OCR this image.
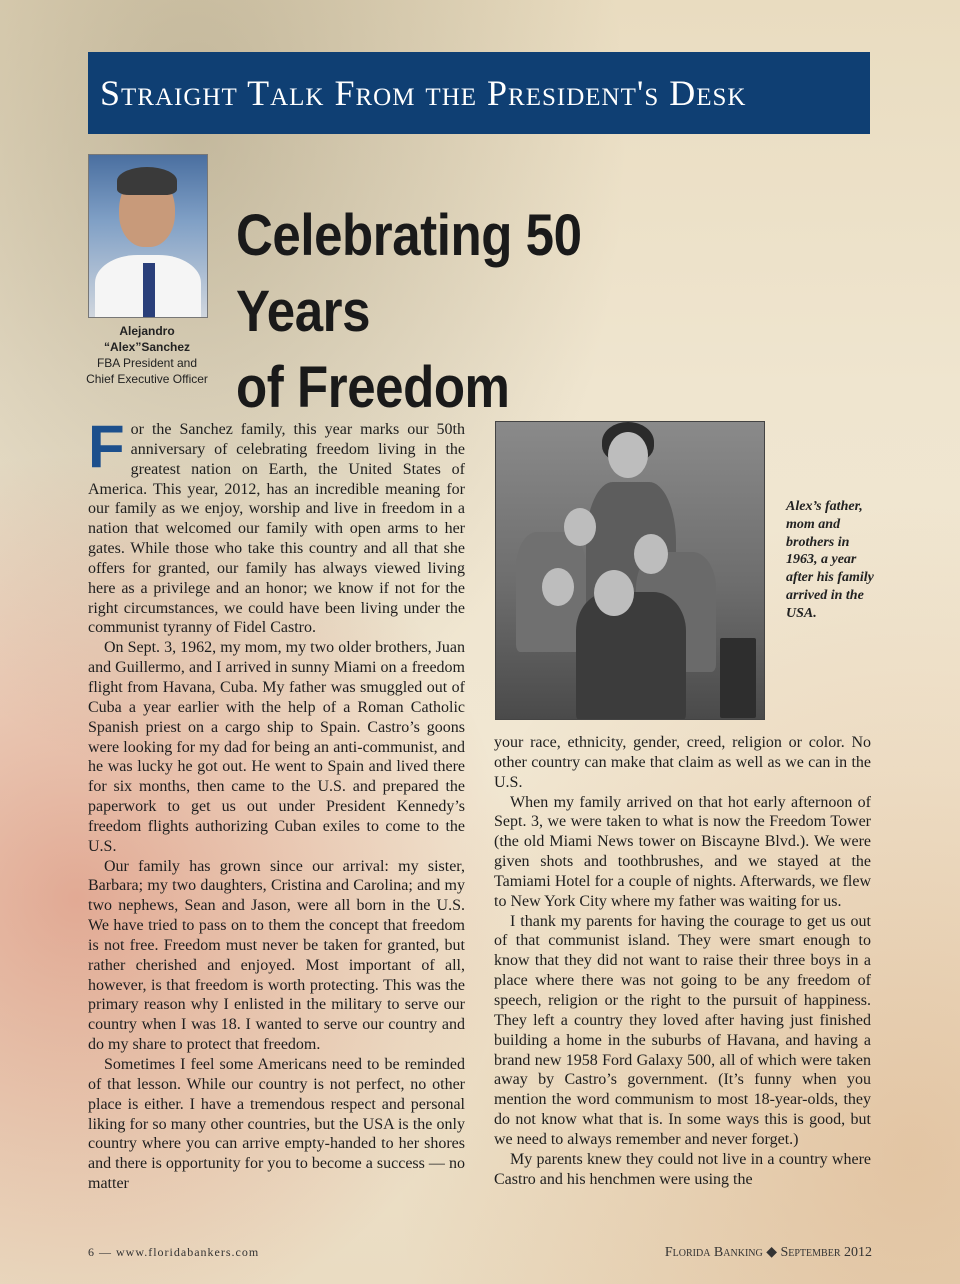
Straight Talk From the President's Desk
Alejandro
“Alex”Sanchez
FBA President and
Chief Executive Officer
Celebrating 50 Years
of Freedom

For the Sanchez family, this year marks our 50th anniversary of celebrating freedom living in the greatest nation on Earth, the United States of America. This year, 2012, has an incredible meaning for our family as we enjoy, worship and live in freedom in a nation that welcomed our family with open arms to her gates. While those who take this country and all that she offers for granted, our family has always viewed living here as a privilege and an honor; we know if not for the right circumstances, we could have been living under the communist tyranny of Fidel Castro.

On Sept. 3, 1962, my mom, my two older brothers, Juan and Guillermo, and I arrived in sunny Miami on a freedom flight from Havana, Cuba. My father was smuggled out of Cuba a year earlier with the help of a Roman Catholic Spanish priest on a cargo ship to Spain. Castro’s goons were looking for my dad for being an anti-communist, and he was lucky he got out. He went to Spain and lived there for six months, then came to the U.S. and prepared the paperwork to get us out under President Kennedy’s freedom flights authorizing Cuban exiles to come to the U.S.

Our family has grown since our arrival: my sister, Barbara; my two daughters, Cristina and Carolina; and my two nephews, Sean and Jason, were all born in the U.S. We have tried to pass on to them the concept that freedom is not free. Freedom must never be taken for granted, but rather cherished and enjoyed. Most important of all, however, is that freedom is worth protecting. This was the primary reason why I enlisted in the military to serve our country when I was 18. I wanted to serve our country and do my share to protect that freedom.

Sometimes I feel some Americans need to be reminded of that lesson. While our country is not perfect, no other place is either. I have a tremendous respect and personal liking for so many other countries, but the USA is the only country where you can arrive empty-handed to her shores and there is opportunity for you to become a success — no matter

Alex’s father, mom and brothers in 1963, a year after his family arrived in the USA.

your race, ethnicity, gender, creed, religion or color. No other country can make that claim as well as we can in the U.S.

When my family arrived on that hot early afternoon of Sept. 3, we were taken to what is now the Freedom Tower (the old Miami News tower on Biscayne Blvd.). We were given shots and toothbrushes, and we stayed at the Tamiami Hotel for a couple of nights. Afterwards, we flew to New York City where my father was waiting for us.

I thank my parents for having the courage to get us out of that communist island. They were smart enough to know that they did not want to raise their three boys in a place where there was not going to be any freedom of speech, religion or the right to the pursuit of happiness. They left a country they loved after having just finished building a home in the suburbs of Havana, and having a brand new 1958 Ford Galaxy 500, all of which were taken away by Castro’s government. (It’s funny when you mention the word communism to most 18-year-olds, they do not know what that is. In some ways this is good, but we need to always remember and never forget.)

My parents knew they could not live in a country where Castro and his henchmen were using the

6 — www.floridabankers.com	Florida Banking ◆ September 2012
